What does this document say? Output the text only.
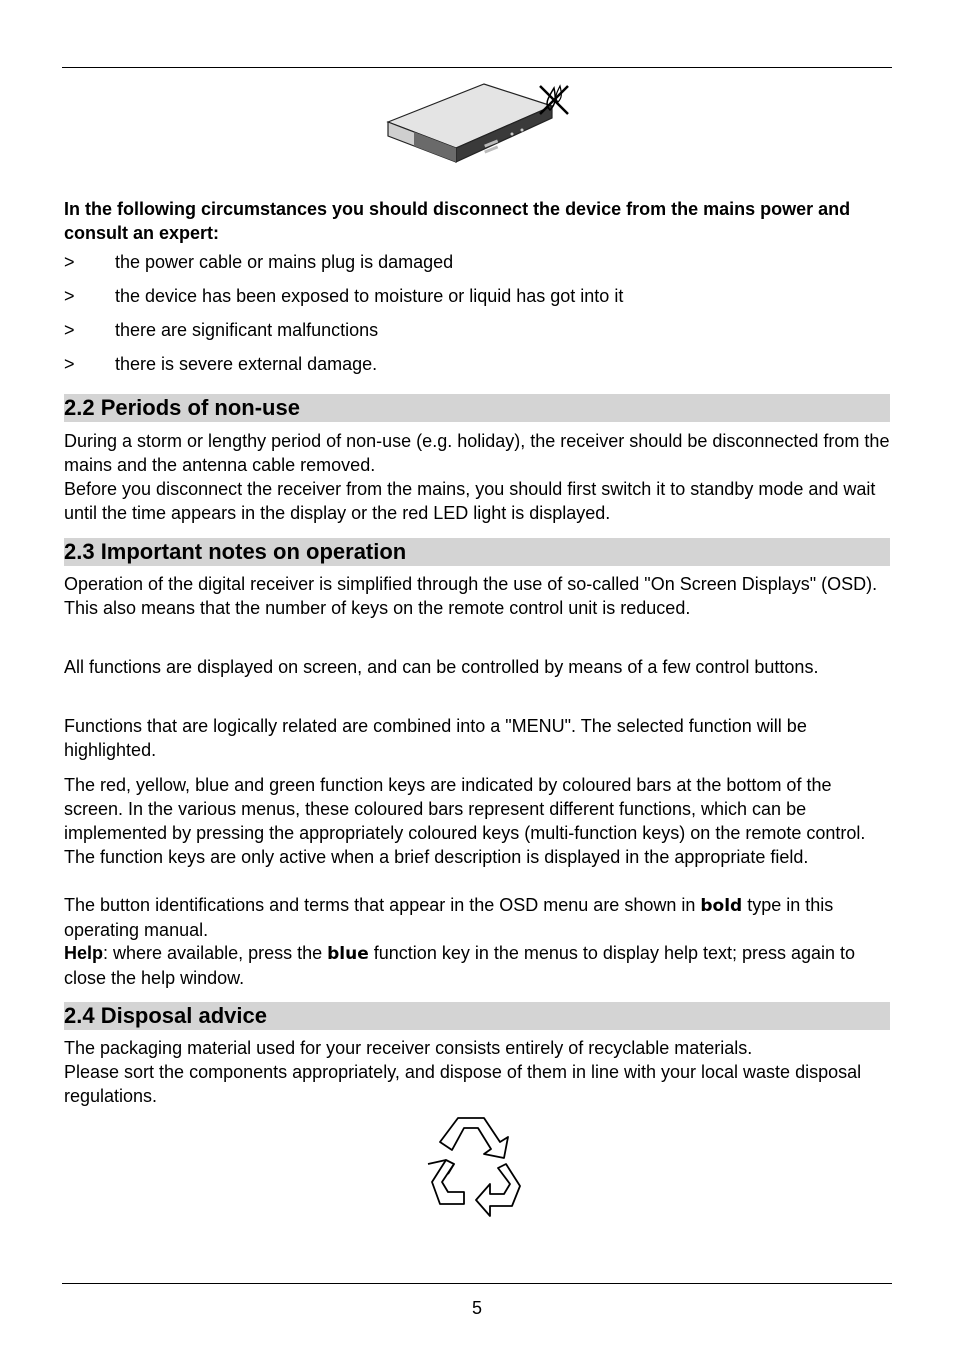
In the following circumstances you should disconnect the device from the mains power and consult an expert:
>	the power cable or mains plug is damaged
>	the device has been exposed to moisture or liquid has got into it
>	there are significant malfunctions
>	there is severe external damage.
2.2 Periods of non-use

During a storm or lengthy period of non-use (e.g. holiday), the receiver should be disconnected from the mains and the antenna cable removed.

Before you disconnect the receiver from the mains, you should first switch it to standby mode and wait until the time appears in the display or the red LED light is displayed.

2.3 Important notes on operation

Operation of the digital receiver is simplified through the use of so-called "On Screen Displays" (OSD). This also means that the number of keys on the remote control unit is reduced.

All functions are displayed on screen, and can be controlled by means of a few control buttons.

Functions that are logically related are combined into a "MENU". The selected function will be highlighted.

The red, yellow, blue and green function keys are indicated by coloured bars at the bottom of the screen. In the various menus, these coloured bars represent different functions, which can be implemented by pressing the appropriately coloured keys (multi-function keys) on the remote control. The function keys are only active when a brief description is displayed in the appropriate field.

The button identifications and terms that appear in the OSD menu are shown in bold type in this operating manual.

Help: where available, press the blue function key in the menus to display help text; press again to close the help window.

2.4 Disposal advice

The packaging material used for your receiver consists entirely of recyclable materials.

Please sort the components appropriately, and dispose of them in line with your local waste disposal regulations.

5
